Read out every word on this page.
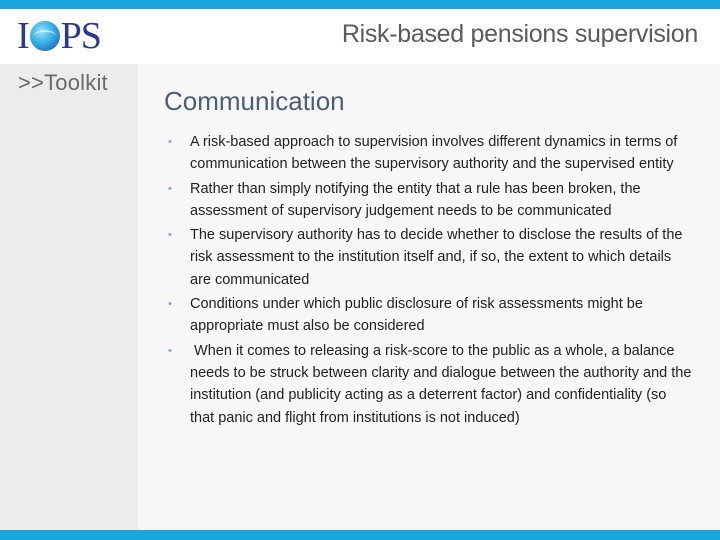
I PS	Risk-based pensions supervision
>>Toolkit
Communication
• A risk-based approach to supervision involves different dynamics in terms of communication between the supervisory authority and the supervised entity
• Rather than simply notifying the entity that a rule has been broken, the assessment of supervisory judgement needs to be communicated
• The supervisory authority has to decide whether to disclose the results of the risk assessment to the institution itself and, if so, the extent to which details are communicated
• Conditions under which public disclosure of risk assessments might be appropriate must also be considered
• When it comes to releasing a risk-score to the public as a whole, a balance needs to be struck between clarity and dialogue between the authority and the institution (and publicity acting as a deterrent factor) and confidentiality (so that panic and flight from institutions is not induced)
